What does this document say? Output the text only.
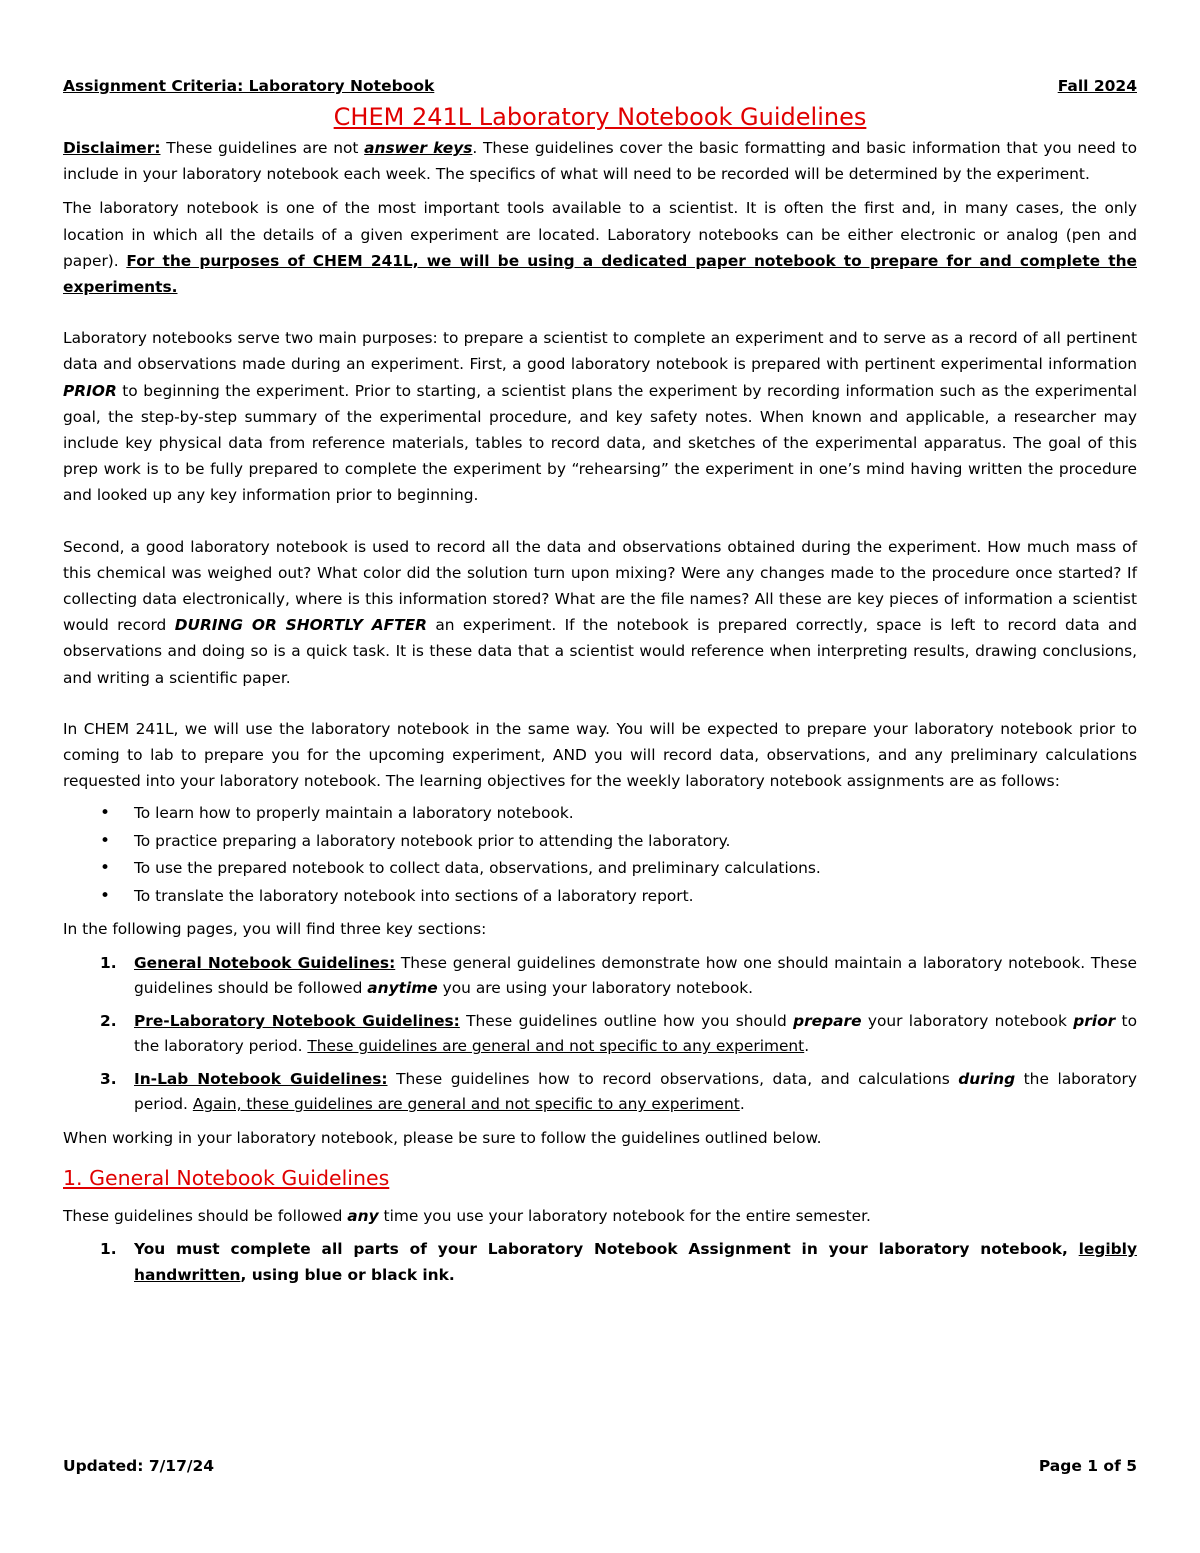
Assignment Criteria: Laboratory Notebook	Fall 2024
CHEM 241L Laboratory Notebook Guidelines

Disclaimer: These guidelines are not answer keys. These guidelines cover the basic formatting and basic information that you need to include in your laboratory notebook each week. The specifics of what will need to be recorded will be determined by the experiment.

The laboratory notebook is one of the most important tools available to a scientist. It is often the first and, in many cases, the only location in which all the details of a given experiment are located. Laboratory notebooks can be either electronic or analog (pen and paper). For the purposes of CHEM 241L, we will be using a dedicated paper notebook to prepare for and complete the experiments.

Laboratory notebooks serve two main purposes: to prepare a scientist to complete an experiment and to serve as a record of all pertinent data and observations made during an experiment. First, a good laboratory notebook is prepared with pertinent experimental information PRIOR to beginning the experiment. Prior to starting, a scientist plans the experiment by recording information such as the experimental goal, the step-by-step summary of the experimental procedure, and key safety notes. When known and applicable, a researcher may include key physical data from reference materials, tables to record data, and sketches of the experimental apparatus. The goal of this prep work is to be fully prepared to complete the experiment by “rehearsing” the experiment in one’s mind having written the procedure and looked up any key information prior to beginning.

Second, a good laboratory notebook is used to record all the data and observations obtained during the experiment. How much mass of this chemical was weighed out? What color did the solution turn upon mixing? Were any changes made to the procedure once started? If collecting data electronically, where is this information stored? What are the file names? All these are key pieces of information a scientist would record DURING OR SHORTLY AFTER an experiment. If the notebook is prepared correctly, space is left to record data and observations and doing so is a quick task. It is these data that a scientist would reference when interpreting results, drawing conclusions, and writing a scientific paper.

In CHEM 241L, we will use the laboratory notebook in the same way. You will be expected to prepare your laboratory notebook prior to coming to lab to prepare you for the upcoming experiment, AND you will record data, observations, and any preliminary calculations requested into your laboratory notebook. The learning objectives for the weekly laboratory notebook assignments are as follows:

• To learn how to properly maintain a laboratory notebook.
• To practice preparing a laboratory notebook prior to attending the laboratory.
• To use the prepared notebook to collect data, observations, and preliminary calculations.
• To translate the laboratory notebook into sections of a laboratory report.

In the following pages, you will find three key sections:

1. General Notebook Guidelines: These general guidelines demonstrate how one should maintain a laboratory notebook. These guidelines should be followed anytime you are using your laboratory notebook.
2. Pre-Laboratory Notebook Guidelines: These guidelines outline how you should prepare your laboratory notebook prior to the laboratory period. These guidelines are general and not specific to any experiment.
3. In-Lab Notebook Guidelines: These guidelines how to record observations, data, and calculations during the laboratory period. Again, these guidelines are general and not specific to any experiment.

When working in your laboratory notebook, please be sure to follow the guidelines outlined below.

1. General Notebook Guidelines

These guidelines should be followed any time you use your laboratory notebook for the entire semester.

1. You must complete all parts of your Laboratory Notebook Assignment in your laboratory notebook, legibly handwritten, using blue or black ink.
Updated: 7/17/24	Page 1 of 5
